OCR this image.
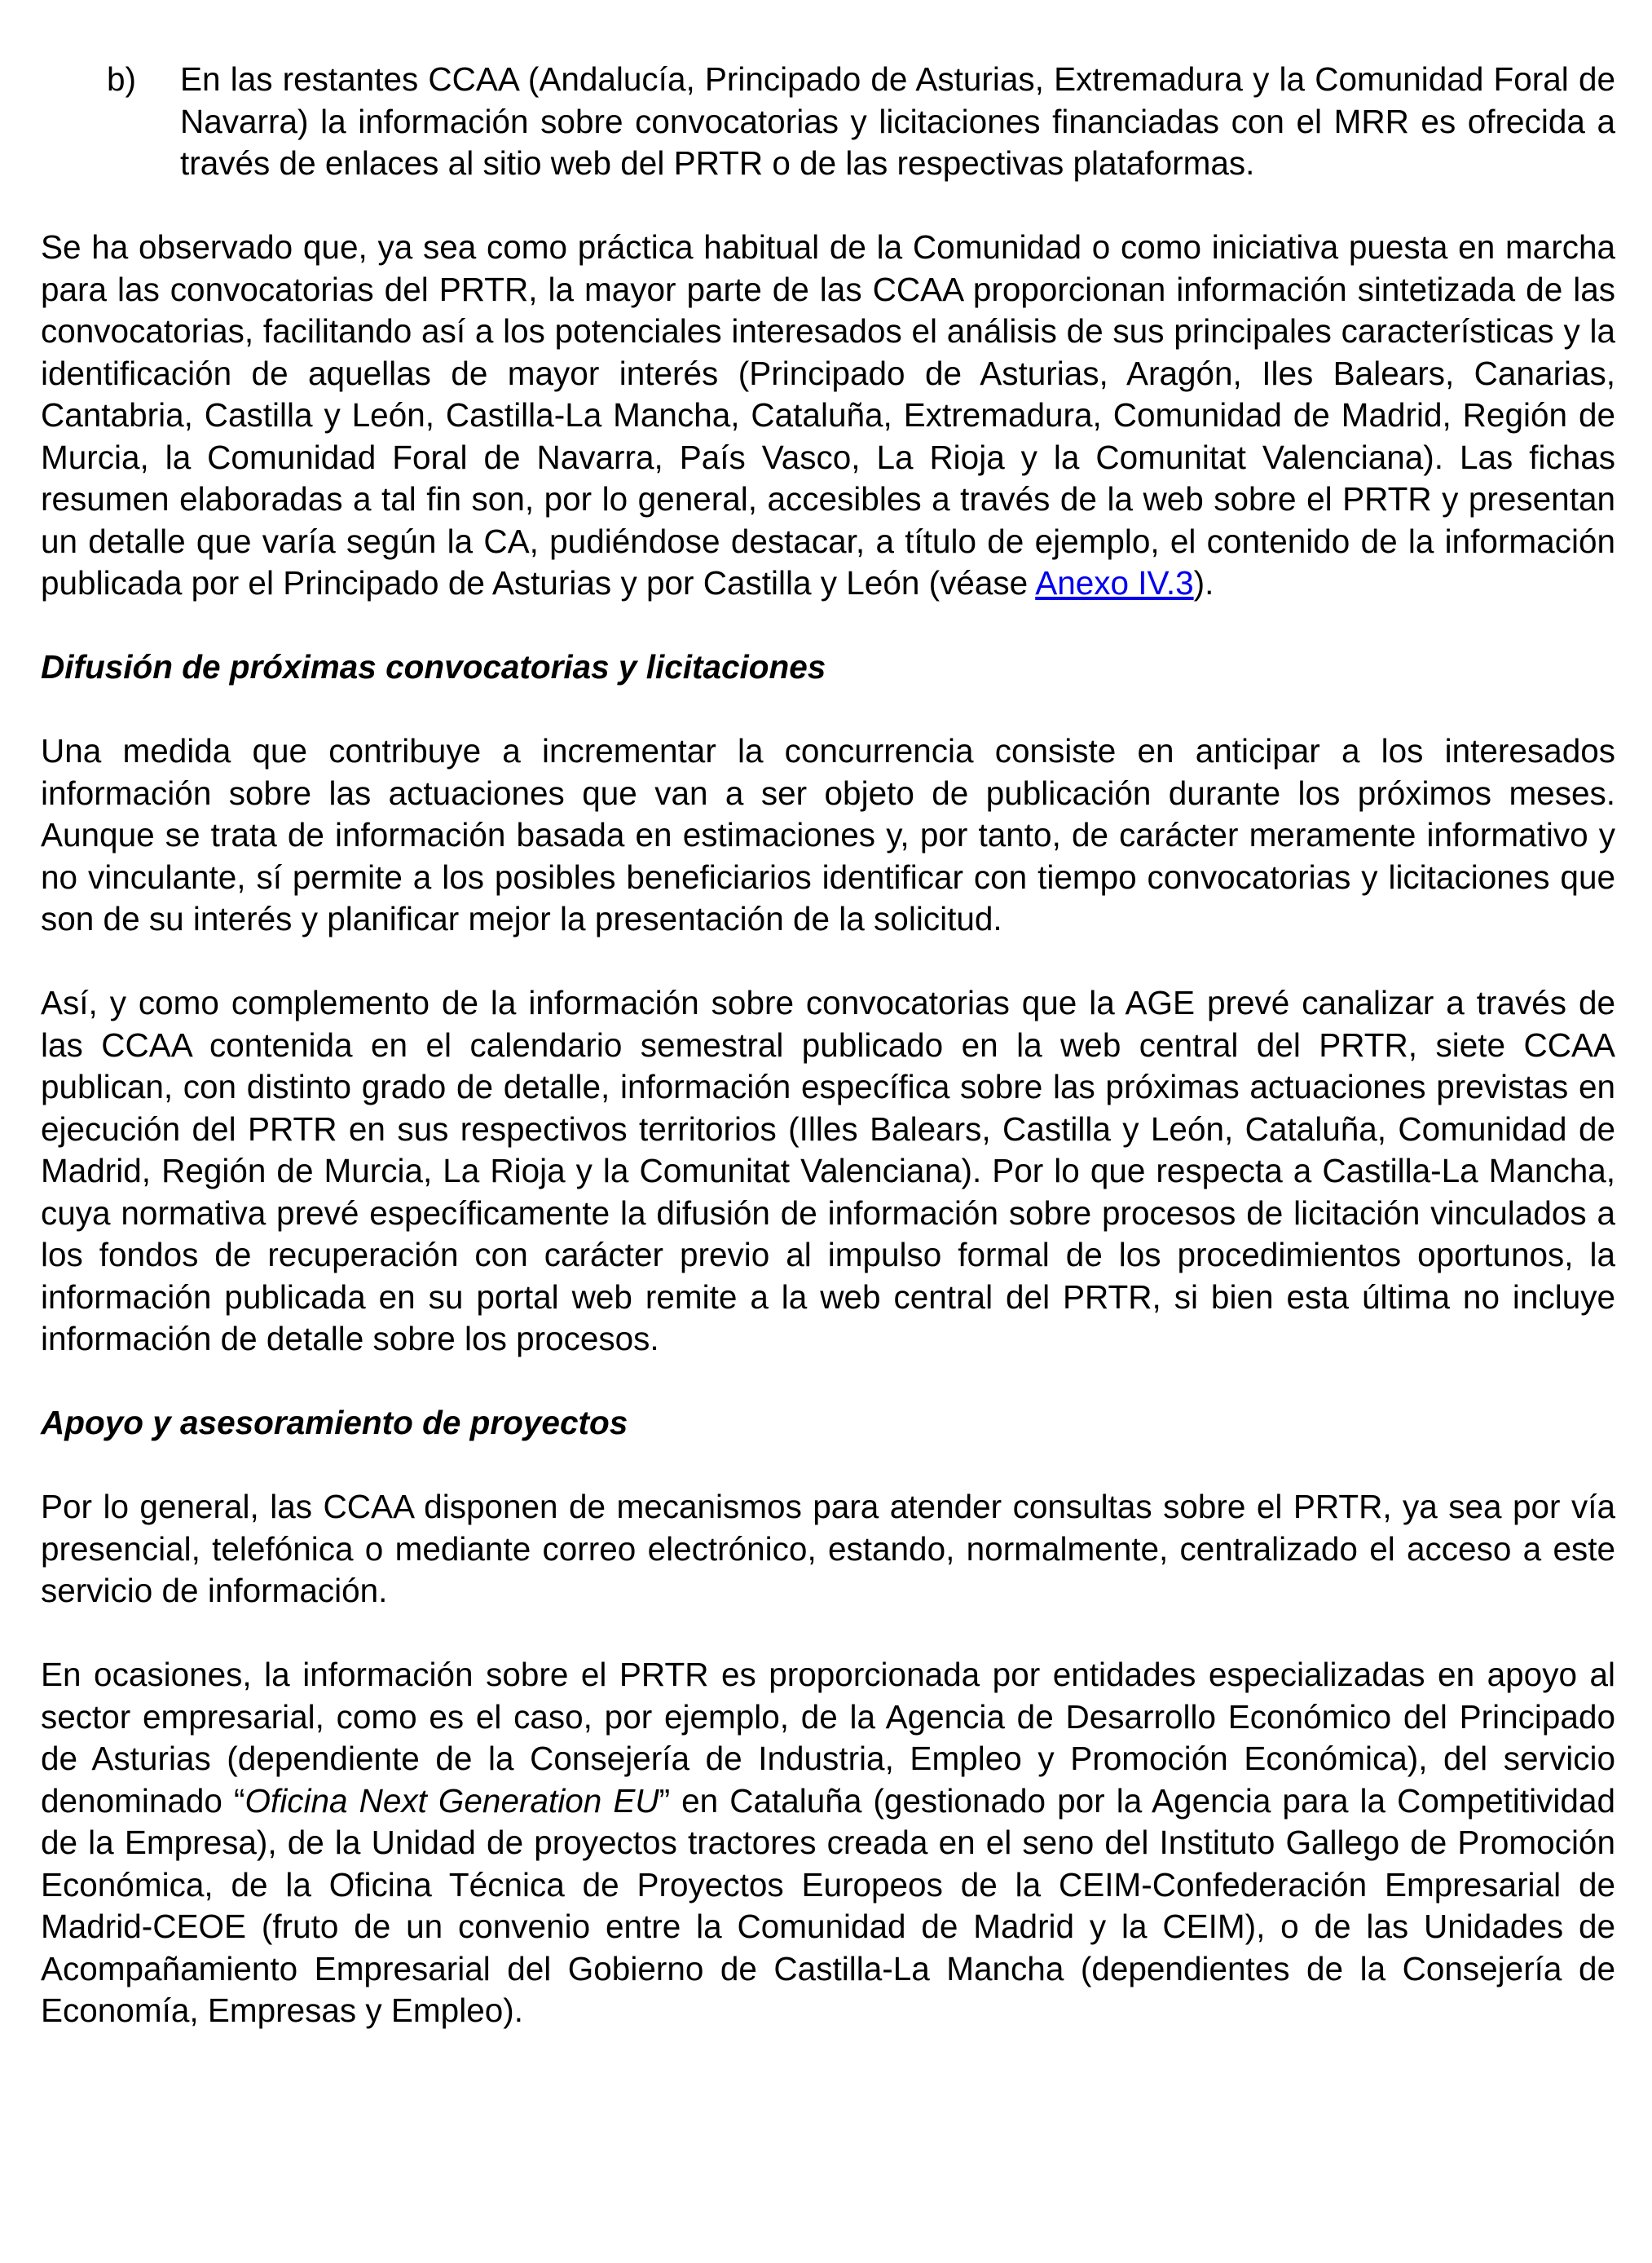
b) En las restantes CCAA (Andalucía, Principado de Asturias, Extremadura y la Comunidad Foral de Navarra) la información sobre convocatorias y licitaciones financiadas con el MRR es ofrecida a través de enlaces al sitio web del PRTR o de las respectivas plataformas.

Se ha observado que, ya sea como práctica habitual de la Comunidad o como iniciativa puesta en marcha para las convocatorias del PRTR, la mayor parte de las CCAA proporcionan información sintetizada de las convocatorias, facilitando así a los potenciales interesados el análisis de sus principales características y la identificación de aquellas de mayor interés (Principado de Asturias, Aragón, Iles Balears, Canarias, Cantabria, Castilla y León, Castilla-La Mancha, Cataluña, Extremadura, Comunidad de Madrid, Región de Murcia, la Comunidad Foral de Navarra, País Vasco, La Rioja y la Comunitat Valenciana). Las fichas resumen elaboradas a tal fin son, por lo general, accesibles a través de la web sobre el PRTR y presentan un detalle que varía según la CA, pudiéndose destacar, a título de ejemplo, el contenido de la información publicada por el Principado de Asturias y por Castilla y León (véase Anexo IV.3).

Difusión de próximas convocatorias y licitaciones

Una medida que contribuye a incrementar la concurrencia consiste en anticipar a los interesados información sobre las actuaciones que van a ser objeto de publicación durante los próximos meses. Aunque se trata de información basada en estimaciones y, por tanto, de carácter meramente informativo y no vinculante, sí permite a los posibles beneficiarios identificar con tiempo convocatorias y licitaciones que son de su interés y planificar mejor la presentación de la solicitud.

Así, y como complemento de la información sobre convocatorias que la AGE prevé canalizar a través de las CCAA contenida en el calendario semestral publicado en la web central del PRTR, siete CCAA publican, con distinto grado de detalle, información específica sobre las próximas actuaciones previstas en ejecución del PRTR en sus respectivos territorios (Illes Balears, Castilla y León, Cataluña, Comunidad de Madrid, Región de Murcia, La Rioja y la Comunitat Valenciana). Por lo que respecta a Castilla-La Mancha, cuya normativa prevé específicamente la difusión de información sobre procesos de licitación vinculados a los fondos de recuperación con carácter previo al impulso formal de los procedimientos oportunos, la información publicada en su portal web remite a la web central del PRTR, si bien esta última no incluye información de detalle sobre los procesos.

Apoyo y asesoramiento de proyectos

Por lo general, las CCAA disponen de mecanismos para atender consultas sobre el PRTR, ya sea por vía presencial, telefónica o mediante correo electrónico, estando, normalmente, centralizado el acceso a este servicio de información.

En ocasiones, la información sobre el PRTR es proporcionada por entidades especializadas en apoyo al sector empresarial, como es el caso, por ejemplo, de la Agencia de Desarrollo Económico del Principado de Asturias (dependiente de la Consejería de Industria, Empleo y Promoción Económica), del servicio denominado “Oficina Next Generation EU” en Cataluña (gestionado por la Agencia para la Competitividad de la Empresa), de la Unidad de proyectos tractores creada en el seno del Instituto Gallego de Promoción Económica, de la Oficina Técnica de Proyectos Europeos de la CEIM-Confederación Empresarial de Madrid-CEOE (fruto de un convenio entre la Comunidad de Madrid y la CEIM), o de las Unidades de Acompañamiento Empresarial del Gobierno de Castilla-La Mancha (dependientes de la Consejería de Economía, Empresas y Empleo).
